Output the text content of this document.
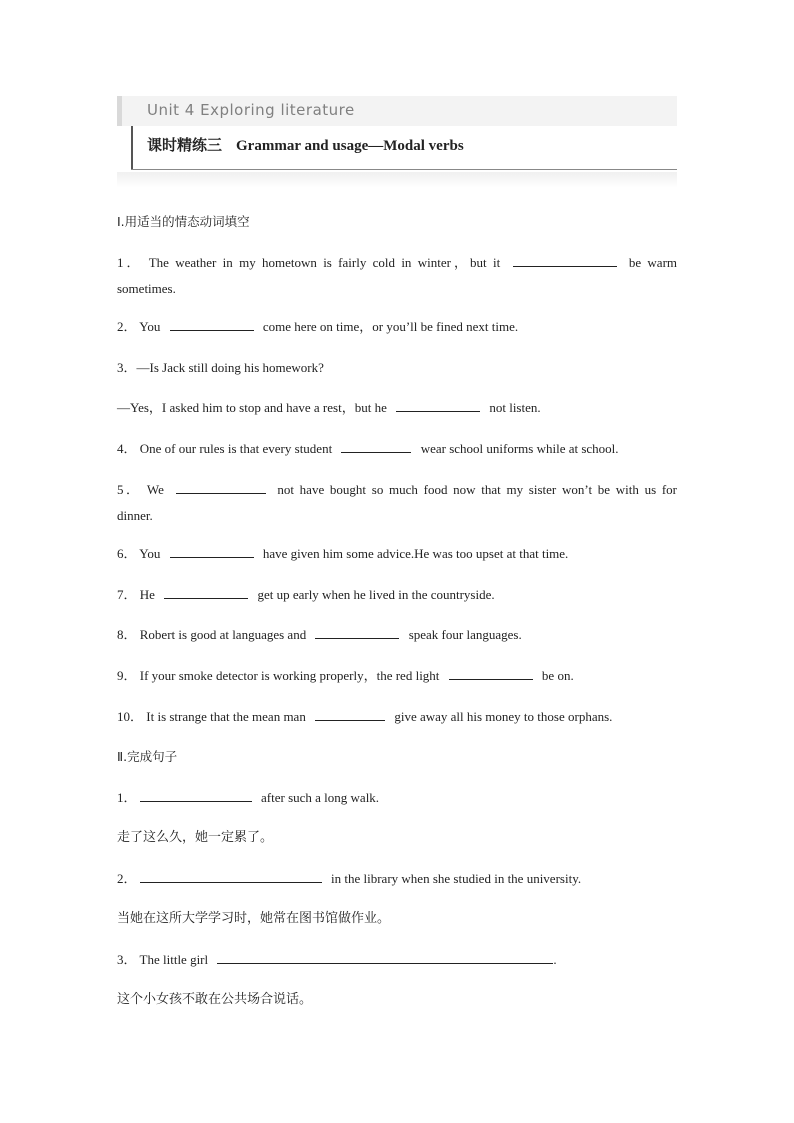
Unit 4 Exploring literature
课时精练三 Grammar and usage—Modal verbs
Ⅰ.用适当的情态动词填空
1． The weather in my hometown is fairly cold in winter，but it	be warm
sometimes.
2． You	come here on time，or you’ll be fined next time.
3．—Is Jack still doing his homework?
—Yes，I asked him to stop and have a rest，but he	not listen.
4． One of our rules is that every student	wear school uniforms while at school.
5． We	not have bought so much food now that my sister won’t be with us for
dinner.
6． You	have given him some advice.He was too upset at that time.
7． He	get up early when he lived in the countryside.
8． Robert is good at languages and	speak four languages.
9． If your smoke detector is working properly，the red light	be on.
10． It is strange that the mean man	give away all his money to those orphans.
Ⅱ.完成句子
1．	after such a long walk.
走了这么久，她一定累了。
2．	in the library when she studied in the university.
当她在这所大学学习时，她常在图书馆做作业。
3． The little girl	.
这个小女孩不敢在公共场合说话。
